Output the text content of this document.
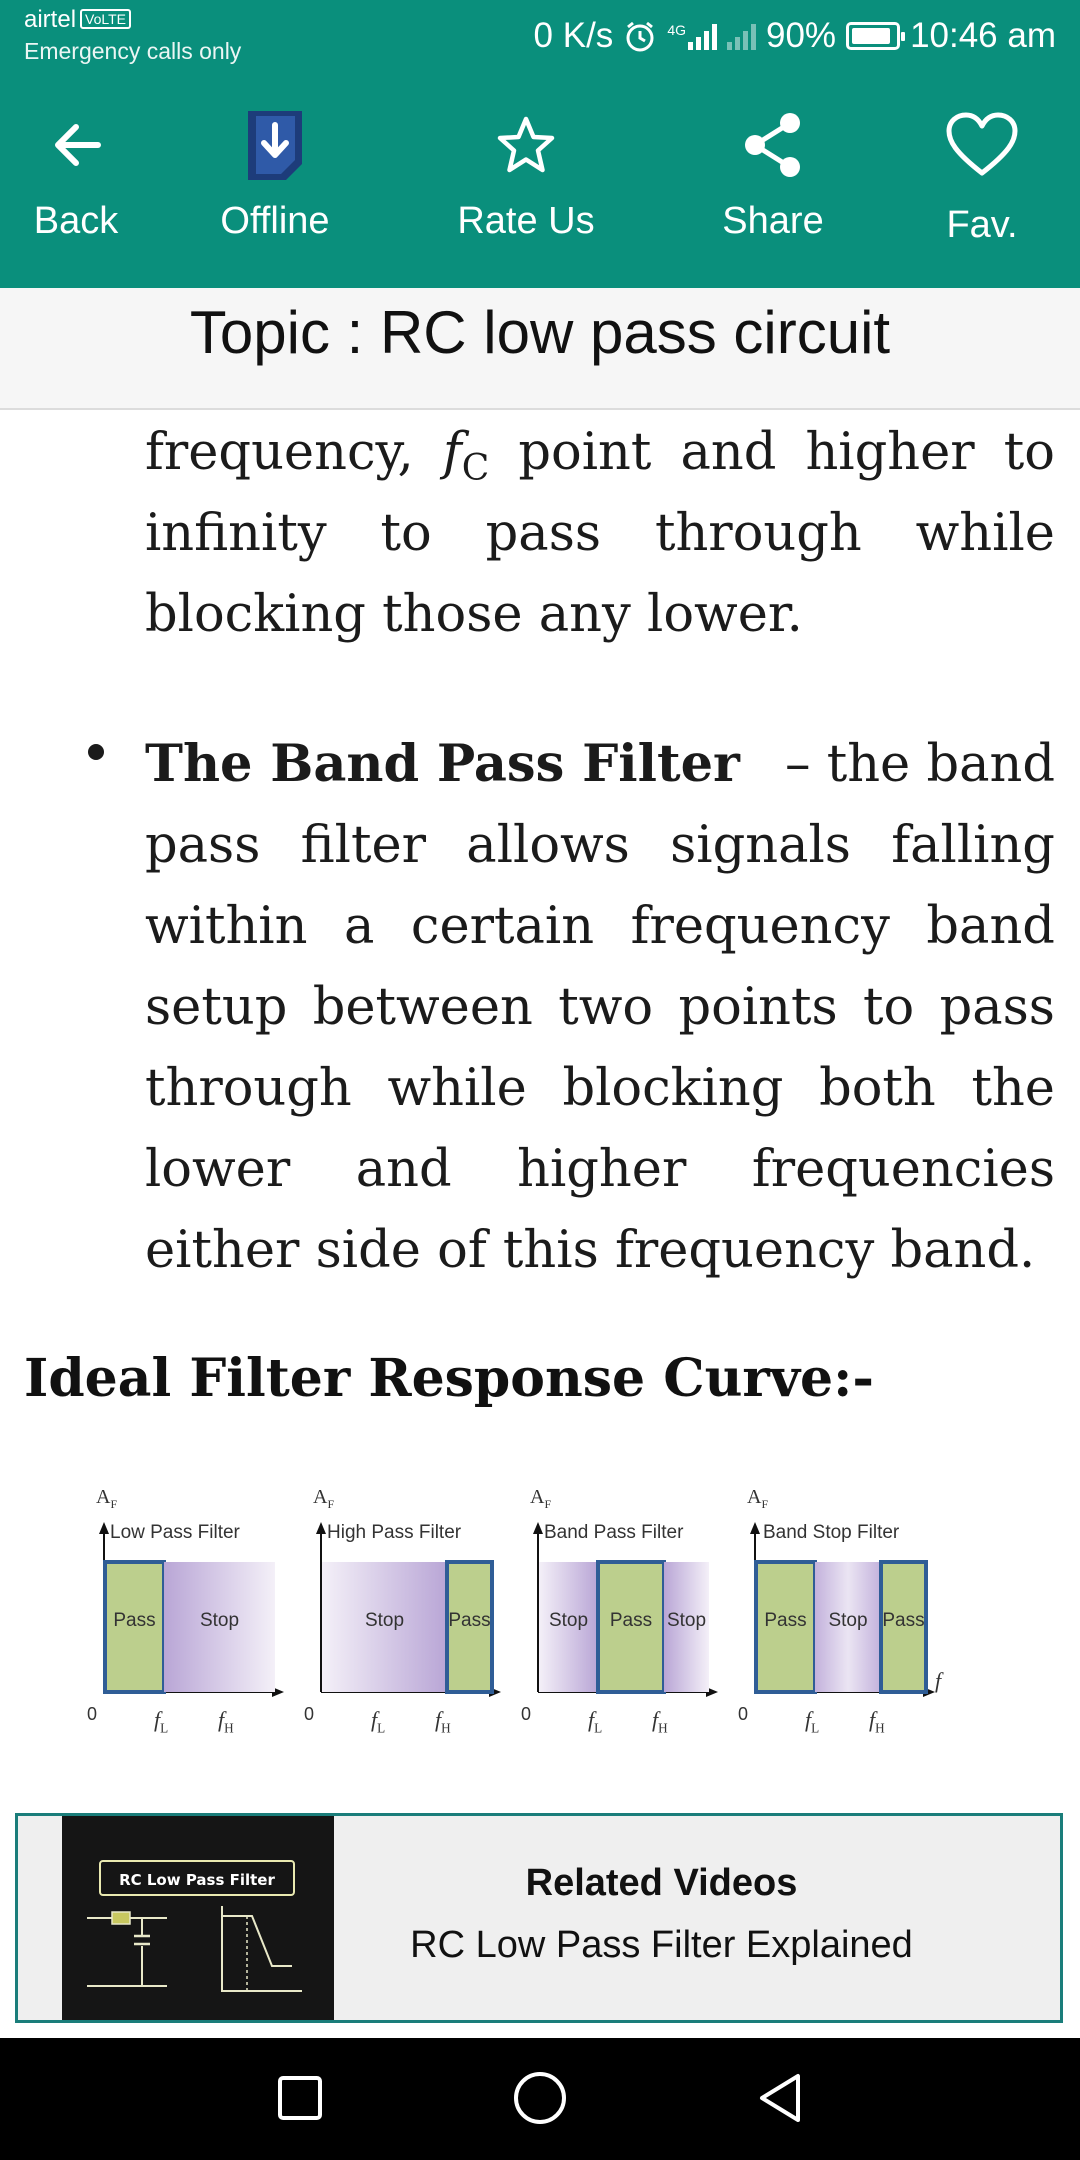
airtel VoLTE
Emergency calls only	0 K/s	4G 90% 10:46 am
Back	Offline	Rate Us	Share	Fav.
Topic : RC low pass circuit
frequency, $f_C$ point and higher to
infinity to pass through while
blocking those any lower.
The Band Pass Filter – the band
pass filter allows signals falling
within a certain frequency band
setup between two points to pass
through while blocking both the
lower and higher frequencies
either side of this frequency band.
Ideal Filter Response Curve:-
0
Low Pass Filter
Pass Stop
$A_F$
$f_L$ $f_H$
0
High Pass Filter
Stop Pass
$A_F$
$f_L$ $f_H$
0
Band Pass Filter
Stop Pass Stop
$A_F$
$f_L$ $f_H$
0
Band Stop Filter
Pass Stop Pass
$A_F$
$f_L$ $f_H$
f
RC Low Pass Filter	Related Videos
RC Low Pass Filter Explained
